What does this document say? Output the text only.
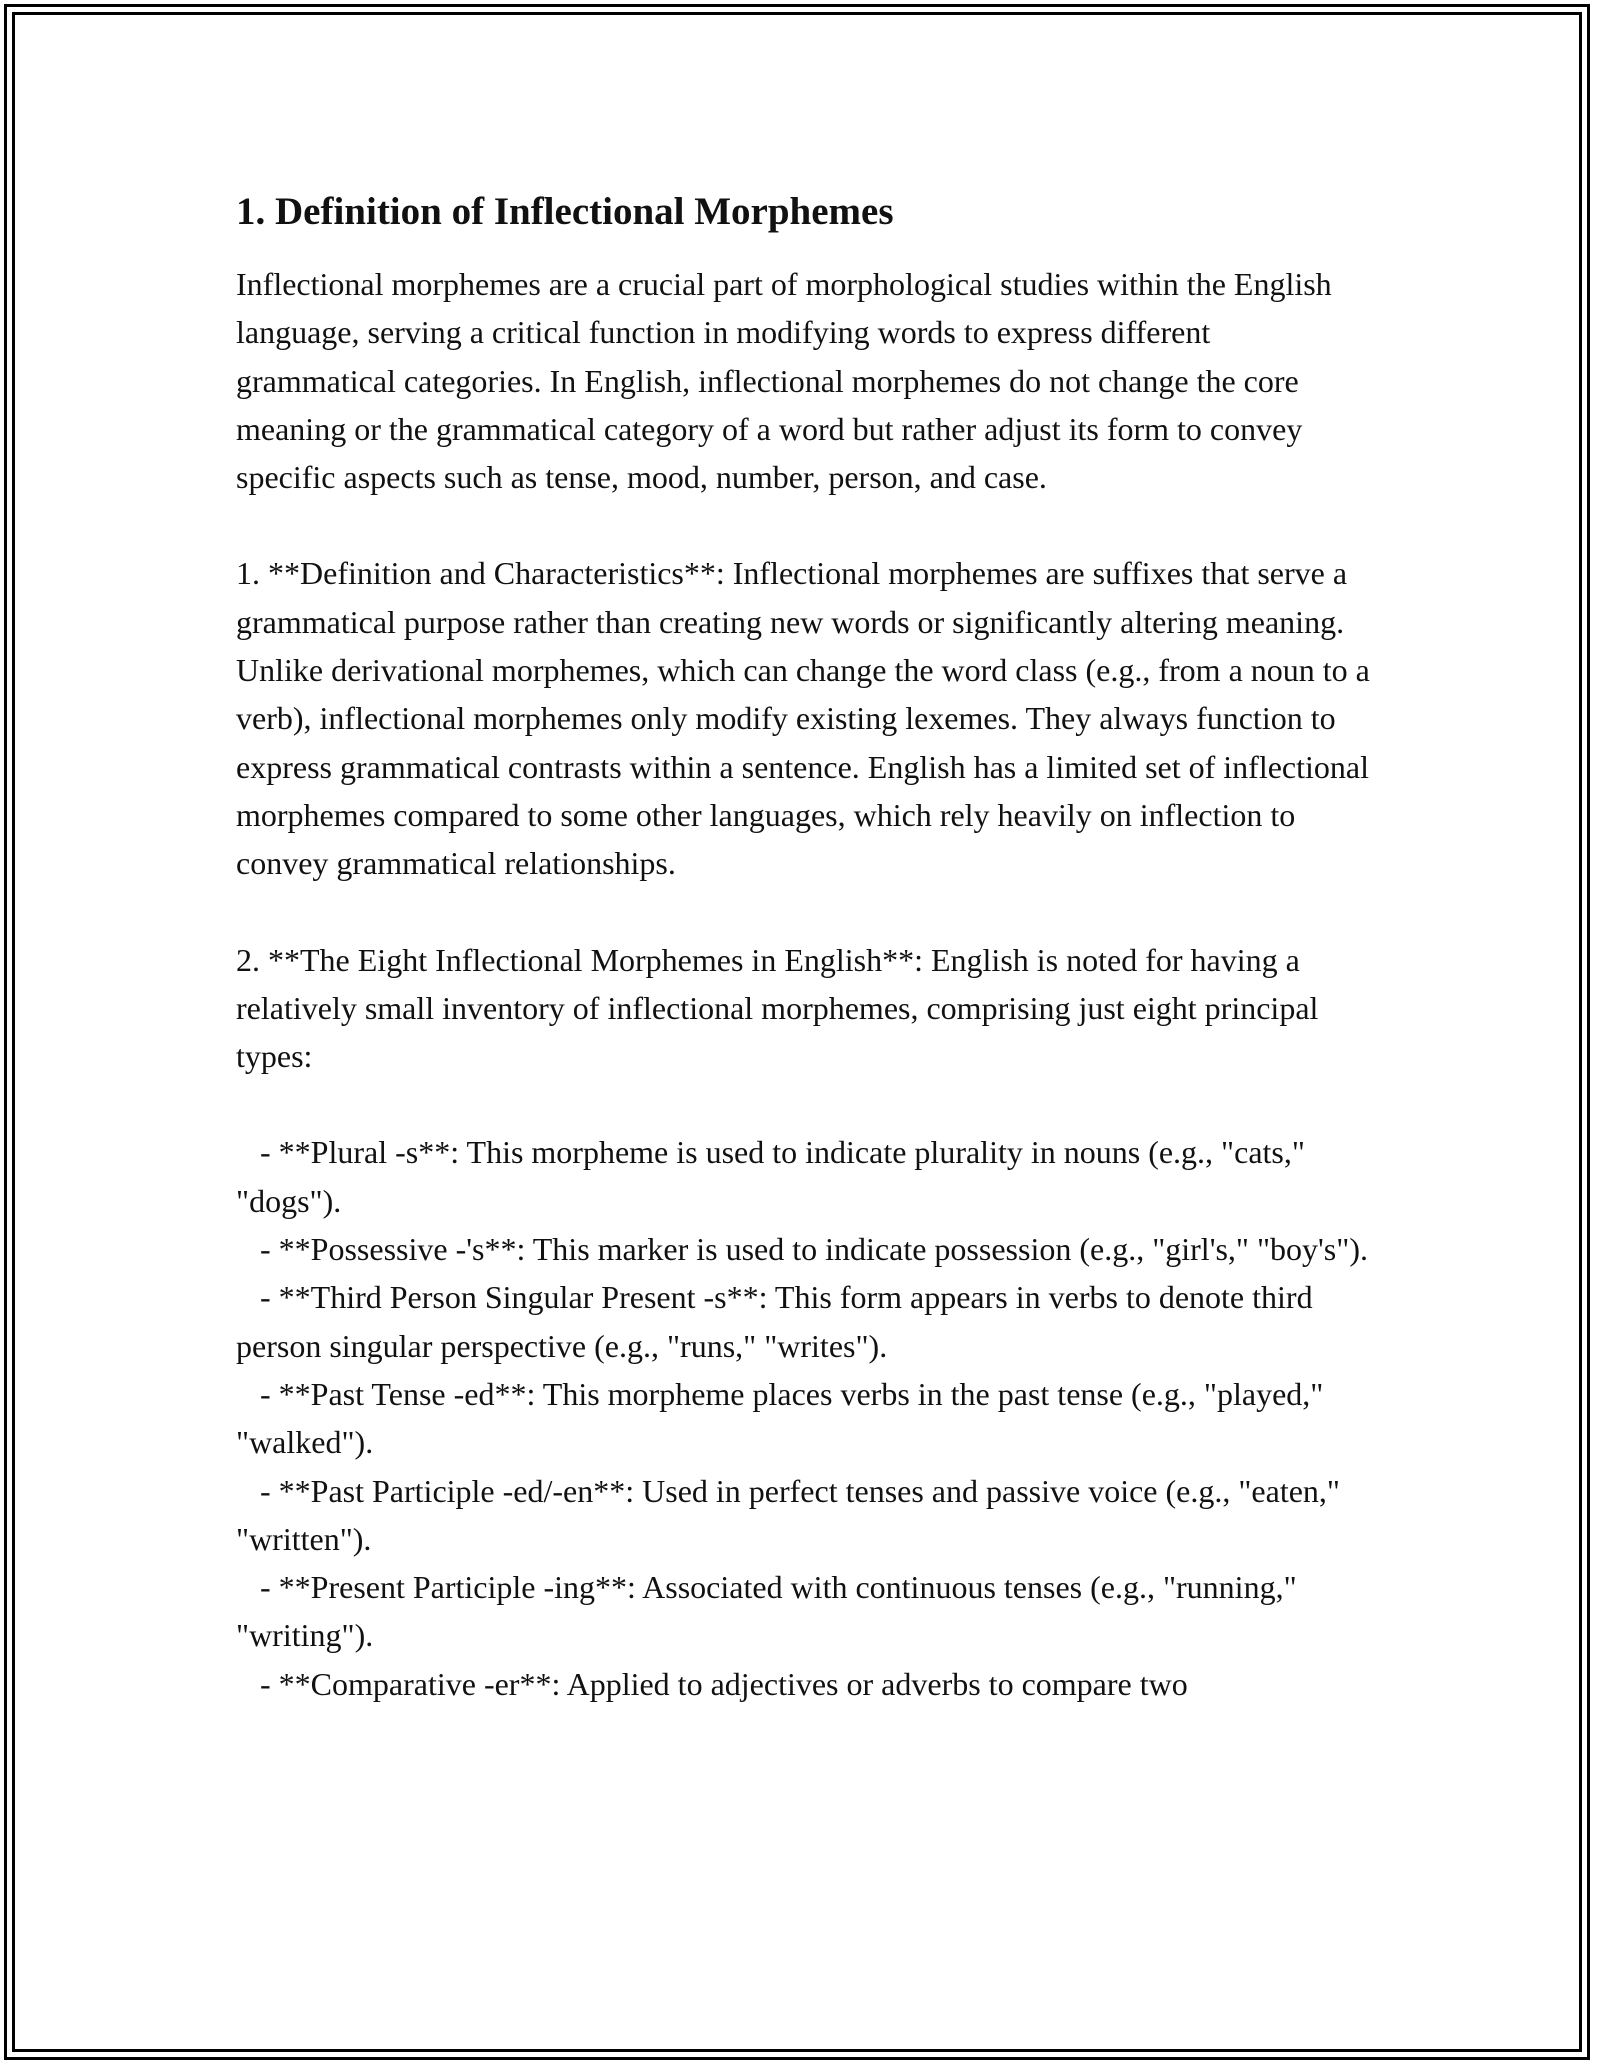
1. Definition of Inflectional Morphemes

Inflectional morphemes are a crucial part of morphological studies within the English language, serving a critical function in modifying words to express different grammatical categories. In English, inflectional morphemes do not change the core meaning or the grammatical category of a word but rather adjust its form to convey specific aspects such as tense, mood, number, person, and case.

1. **Definition and Characteristics**: Inflectional morphemes are suffixes that serve a grammatical purpose rather than creating new words or significantly altering meaning. Unlike derivational morphemes, which can change the word class (e.g., from a noun to a verb), inflectional morphemes only modify existing lexemes. They always function to express grammatical contrasts within a sentence. English has a limited set of inflectional morphemes compared to some other languages, which rely heavily on inflection to convey grammatical relationships.

2. **The Eight Inflectional Morphemes in English**: English is noted for having a relatively small inventory of inflectional morphemes, comprising just eight principal types:

- **Plural -s**: This morpheme is used to indicate plurality in nouns (e.g., "cats," "dogs").
- **Possessive -'s**: This marker is used to indicate possession (e.g., "girl's," "boy's").
- **Third Person Singular Present -s**: This form appears in verbs to denote third person singular perspective (e.g., "runs," "writes").
- **Past Tense -ed**: This morpheme places verbs in the past tense (e.g., "played," "walked").
- **Past Participle -ed/-en**: Used in perfect tenses and passive voice (e.g., "eaten," "written").
- **Present Participle -ing**: Associated with continuous tenses (e.g., "running," "writing").
- **Comparative -er**: Applied to adjectives or adverbs to compare two
